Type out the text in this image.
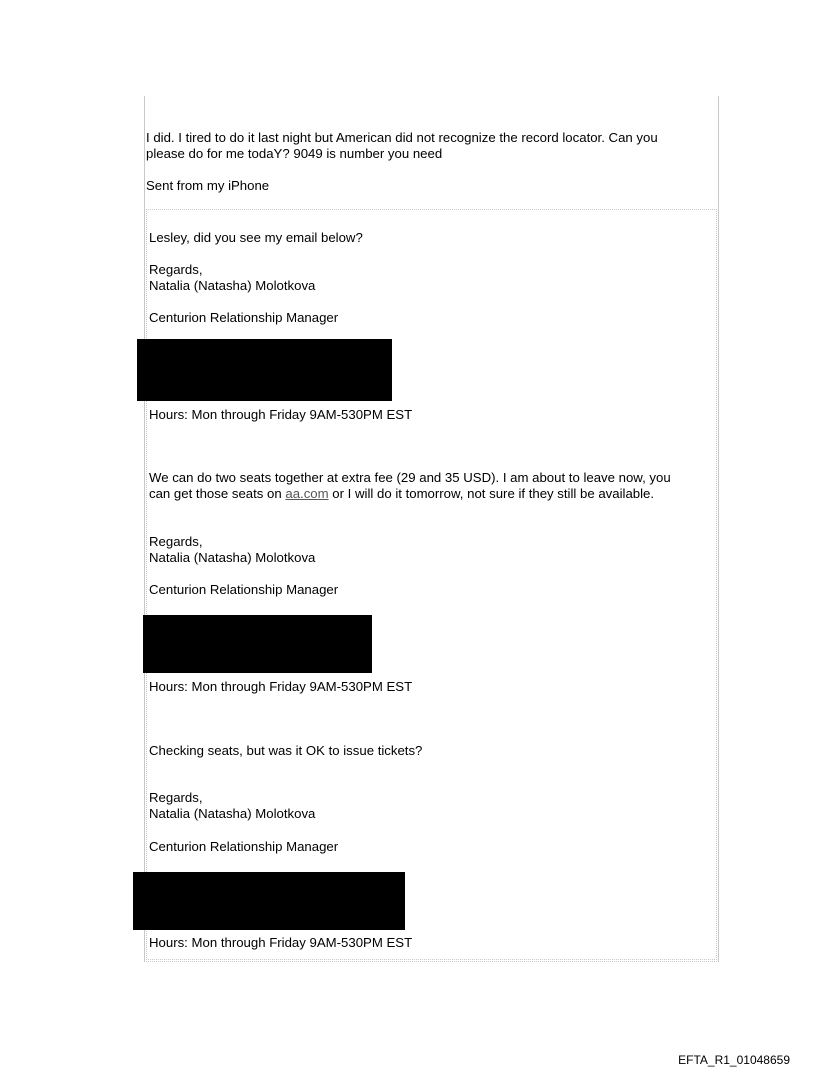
I did. I tired to do it last night but American did not recognize the record locator. Can you

please do for me todaY? 9049 is number you need

Sent from my iPhone

Lesley, did you see my email below?

Regards,

Natalia (Natasha) Molotkova

Centurion Relationship Manager

Hours: Mon through Friday 9AM-530PM EST

We can do two seats together at extra fee (29 and 35 USD). I am about to leave now, you

can get those seats on aa.com or I will do it tomorrow, not sure if they still be available.

Regards,

Natalia (Natasha) Molotkova

Centurion Relationship Manager

Hours: Mon through Friday 9AM-530PM EST

Checking seats, but was it OK to issue tickets?

Regards,

Natalia (Natasha) Molotkova

Centurion Relationship Manager

Hours: Mon through Friday 9AM-530PM EST

EFTA_R1_01048659
